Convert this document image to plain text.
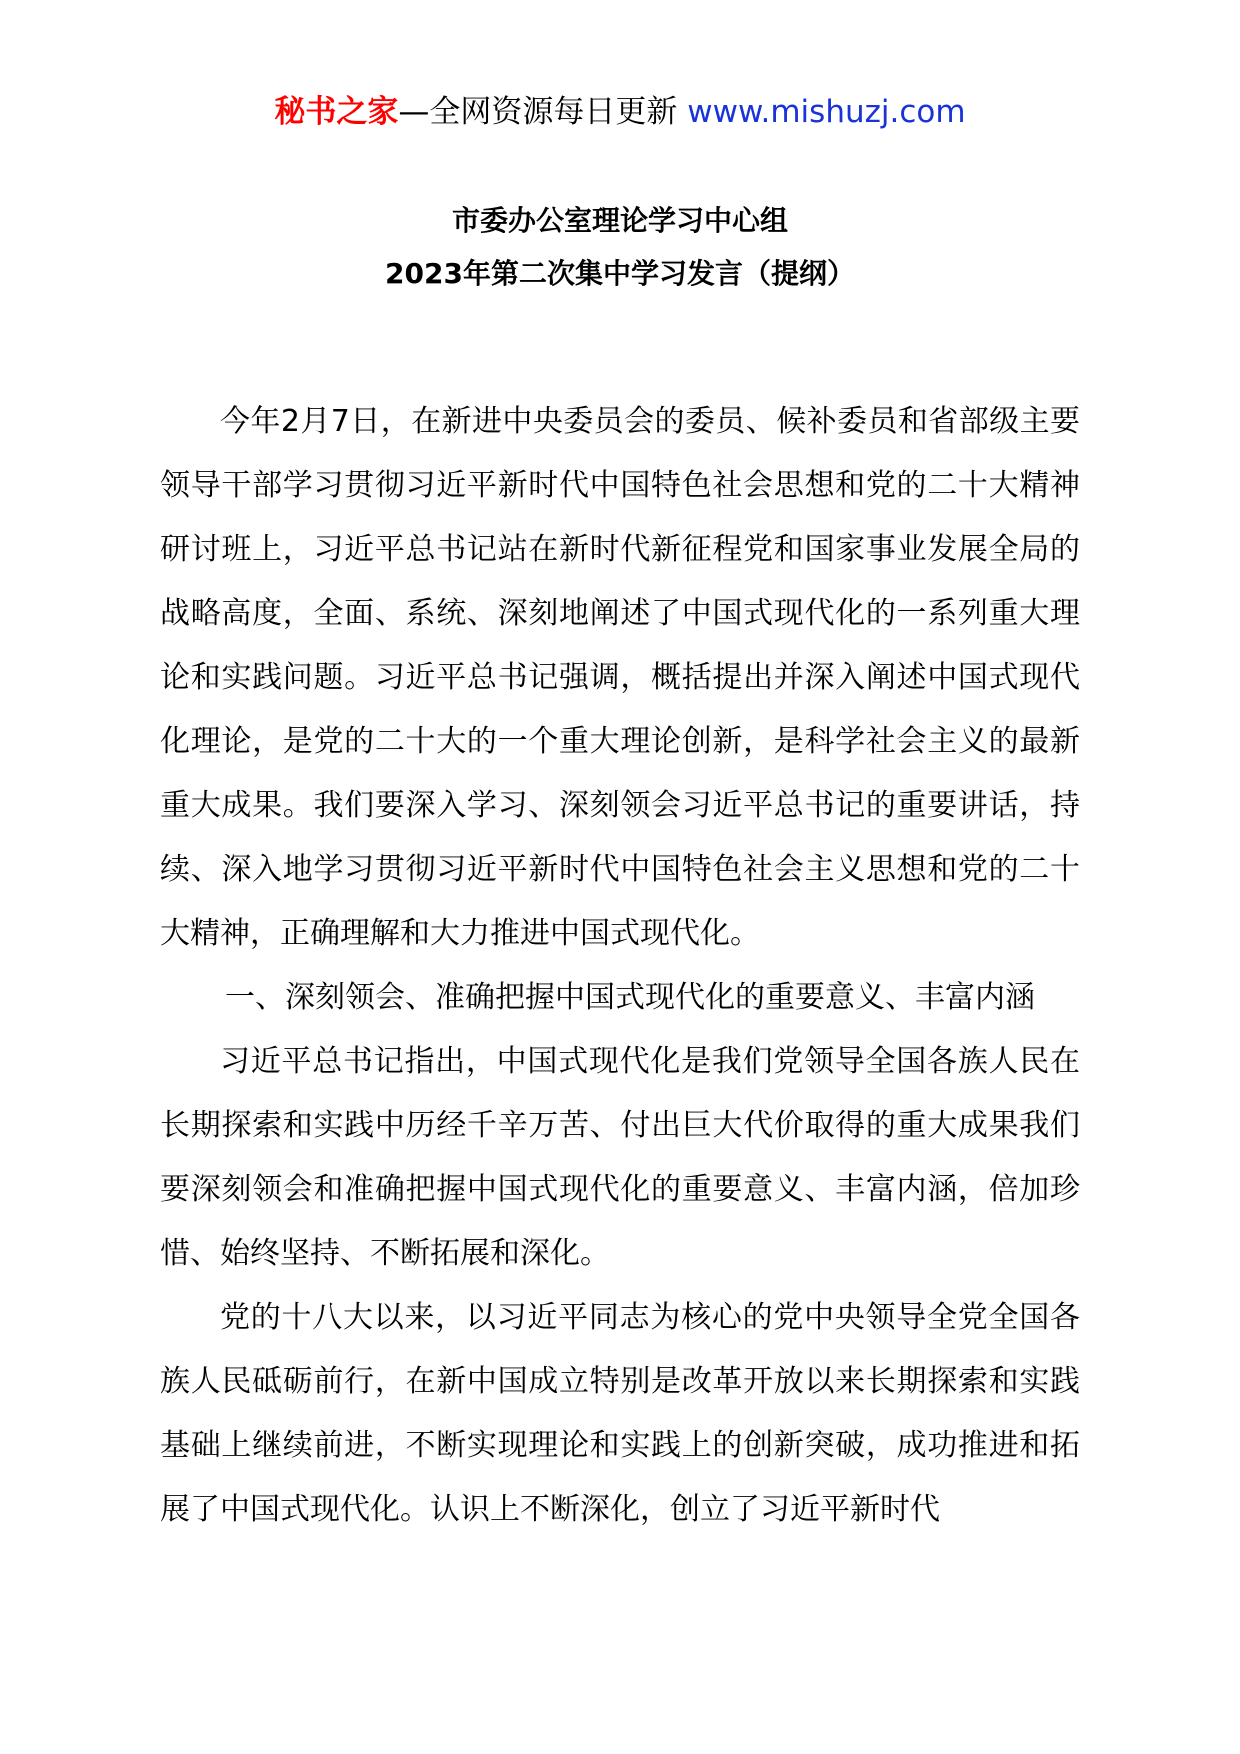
秘书之家—全网资源每日更新 www.mishuzj.com
市委办公室理论学习中心组
2023年第二次集中学习发言（提纲）

今年2月7日，在新进中央委员会的委员、候补委员和省部级主要领导干部学习贯彻习近平新时代中国特色社会思想和党的二十大精神研讨班上，习近平总书记站在新时代新征程党和国家事业发展全局的战略高度，全面、系统、深刻地阐述了中国式现代化的一系列重大理论和实践问题。习近平总书记强调，概括提出并深入阐述中国式现代化理论，是党的二十大的一个重大理论创新，是科学社会主义的最新重大成果。我们要深入学习、深刻领会习近平总书记的重要讲话，持续、深入地学习贯彻习近平新时代中国特色社会主义思想和党的二十大精神，正确理解和大力推进中国式现代化。

一、深刻领会、准确把握中国式现代化的重要意义、丰富内涵

习近平总书记指出，中国式现代化是我们党领导全国各族人民在长期探索和实践中历经千辛万苦、付出巨大代价取得的重大成果我们要深刻领会和准确把握中国式现代化的重要意义、丰富内涵，倍加珍惜、始终坚持、不断拓展和深化。

党的十八大以来，以习近平同志为核心的党中央领导全党全国各族人民砥砺前行，在新中国成立特别是改革开放以来长期探索和实践基础上继续前进，不断实现理论和实践上的创新突破，成功推进和拓展了中国式现代化。认识上不断深化，创立了习近平新时代
